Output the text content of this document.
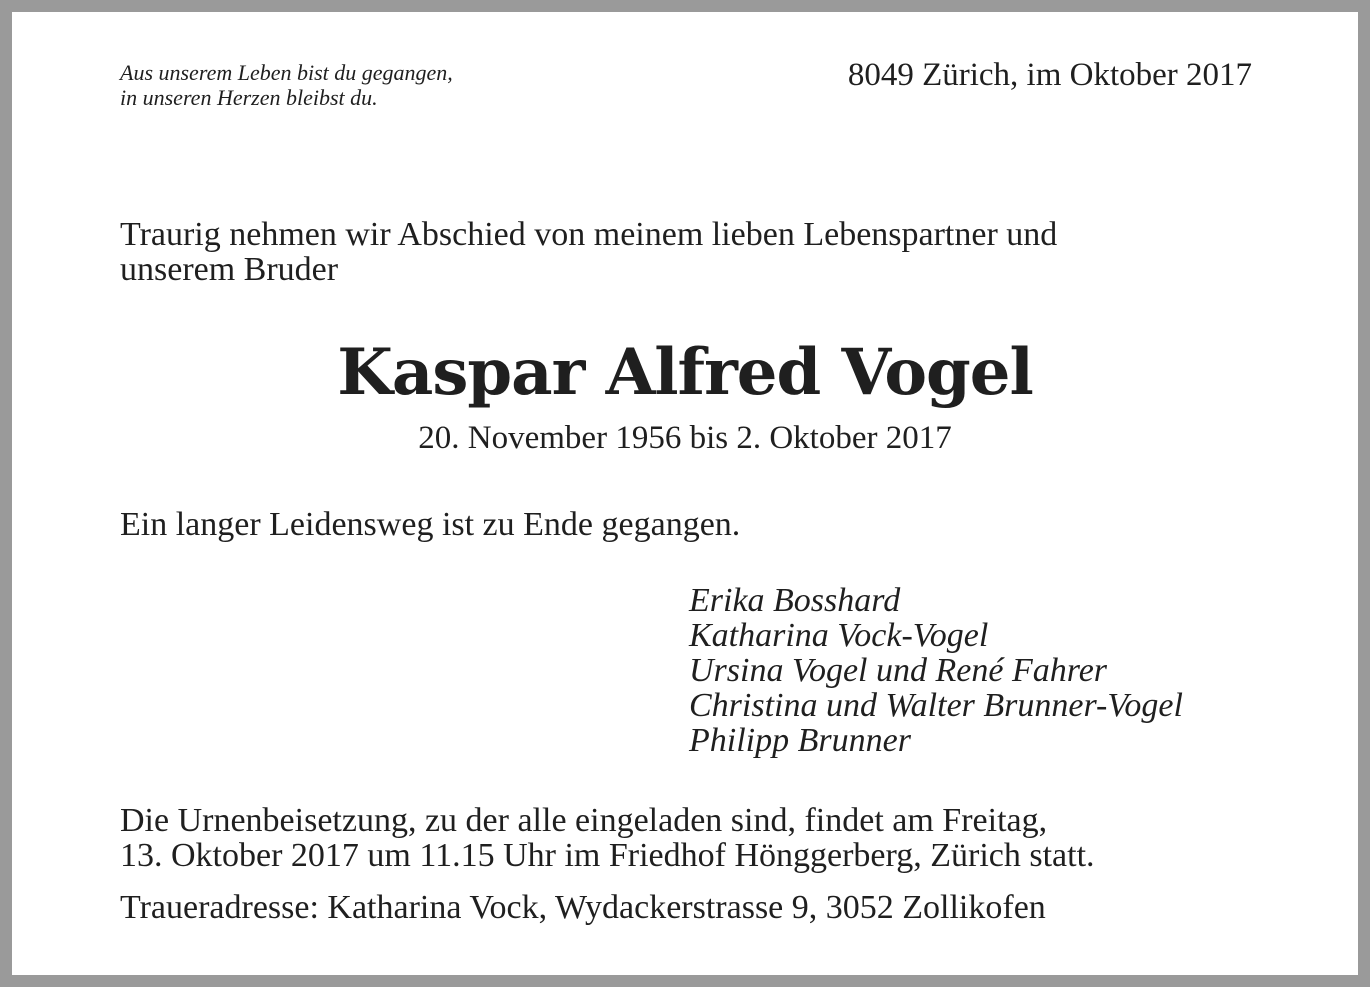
Aus unserem Leben bist du gegangen,
in unseren Herzen bleibst du.

8049 Zürich, im Oktober 2017

Traurig nehmen wir Abschied von meinem lieben Lebenspartner und
unserem Bruder

Kaspar Alfred Vogel

20. November 1956 bis 2. Oktober 2017

Ein langer Leidensweg ist zu Ende gegangen.

Erika Bosshard
Katharina Vock-Vogel
Ursina Vogel und René Fahrer
Christina und Walter Brunner-Vogel
Philipp Brunner

Die Urnenbeisetzung, zu der alle eingeladen sind, findet am Freitag,
13. Oktober 2017 um 11.15 Uhr im Friedhof Hönggerberg, Zürich statt.

Traueradresse: Katharina Vock, Wydackerstrasse 9, 3052 Zollikofen
